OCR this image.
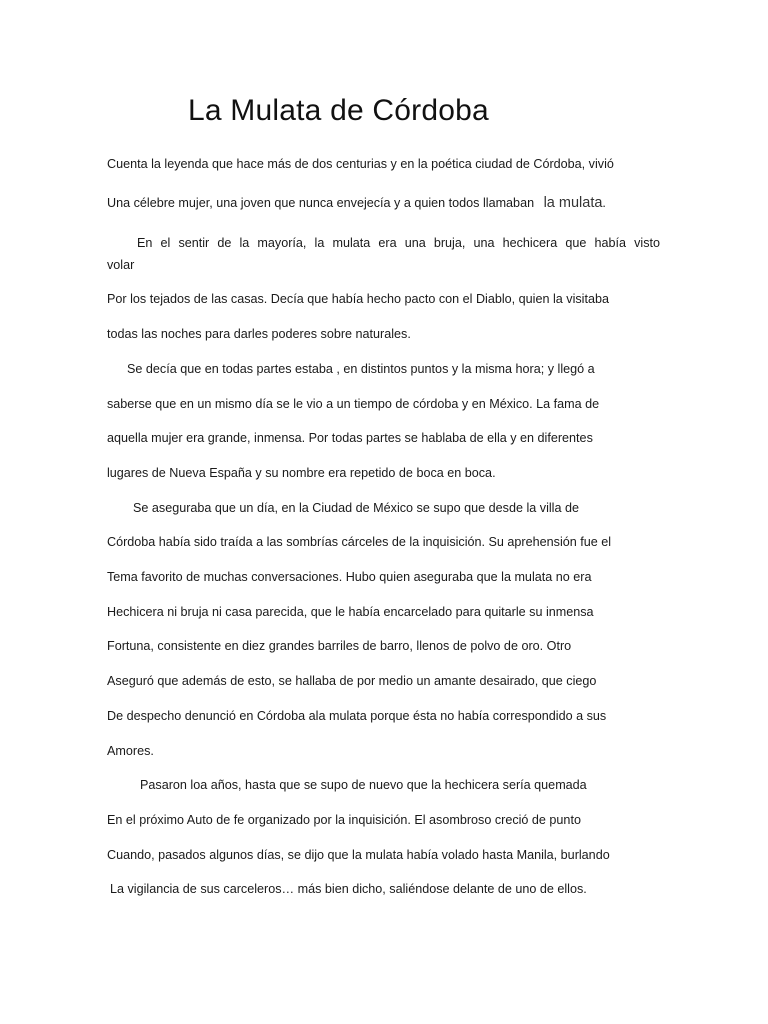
La Mulata de Córdoba

Cuenta la leyenda que hace más de dos centurias y en la poética ciudad de Córdoba, vivió

Una célebre mujer, una joven que nunca envejecía y a quien todos llamaban la mulata.

En el sentir de la mayoría, la mulata era una bruja, una hechicera que había visto

volar

Por los tejados de las casas. Decía que había hecho pacto con el Diablo, quien la visitaba

todas las noches para darles poderes sobre naturales.

Se decía que en todas partes estaba , en distintos puntos y la misma hora; y llegó a

saberse que en un mismo día se le vio a un tiempo de córdoba y en México. La fama de

aquella mujer era grande, inmensa. Por todas partes se hablaba de ella y en diferentes

lugares de Nueva España y su nombre era repetido de boca en boca.

Se aseguraba que un día, en la Ciudad de México se supo que desde la villa de

Córdoba había sido traída a las sombrías cárceles de la inquisición. Su aprehensión fue el

Tema favorito de muchas conversaciones. Hubo quien aseguraba que la mulata no era

Hechicera ni bruja ni casa parecida, que le había encarcelado para quitarle su inmensa

Fortuna, consistente en diez grandes barriles de barro, llenos de polvo de oro. Otro

Aseguró que además de esto, se hallaba de por medio un amante desairado, que ciego

De despecho denunció en Córdoba ala mulata porque ésta no había correspondido a sus

Amores.

Pasaron loa años, hasta que se supo de nuevo que la hechicera sería quemada

En el próximo Auto de fe organizado por la inquisición. El asombroso creció de punto

Cuando, pasados algunos días, se dijo que la mulata había volado hasta Manila, burlando

La vigilancia de sus carceleros… más bien dicho, saliéndose delante de uno de ellos.
